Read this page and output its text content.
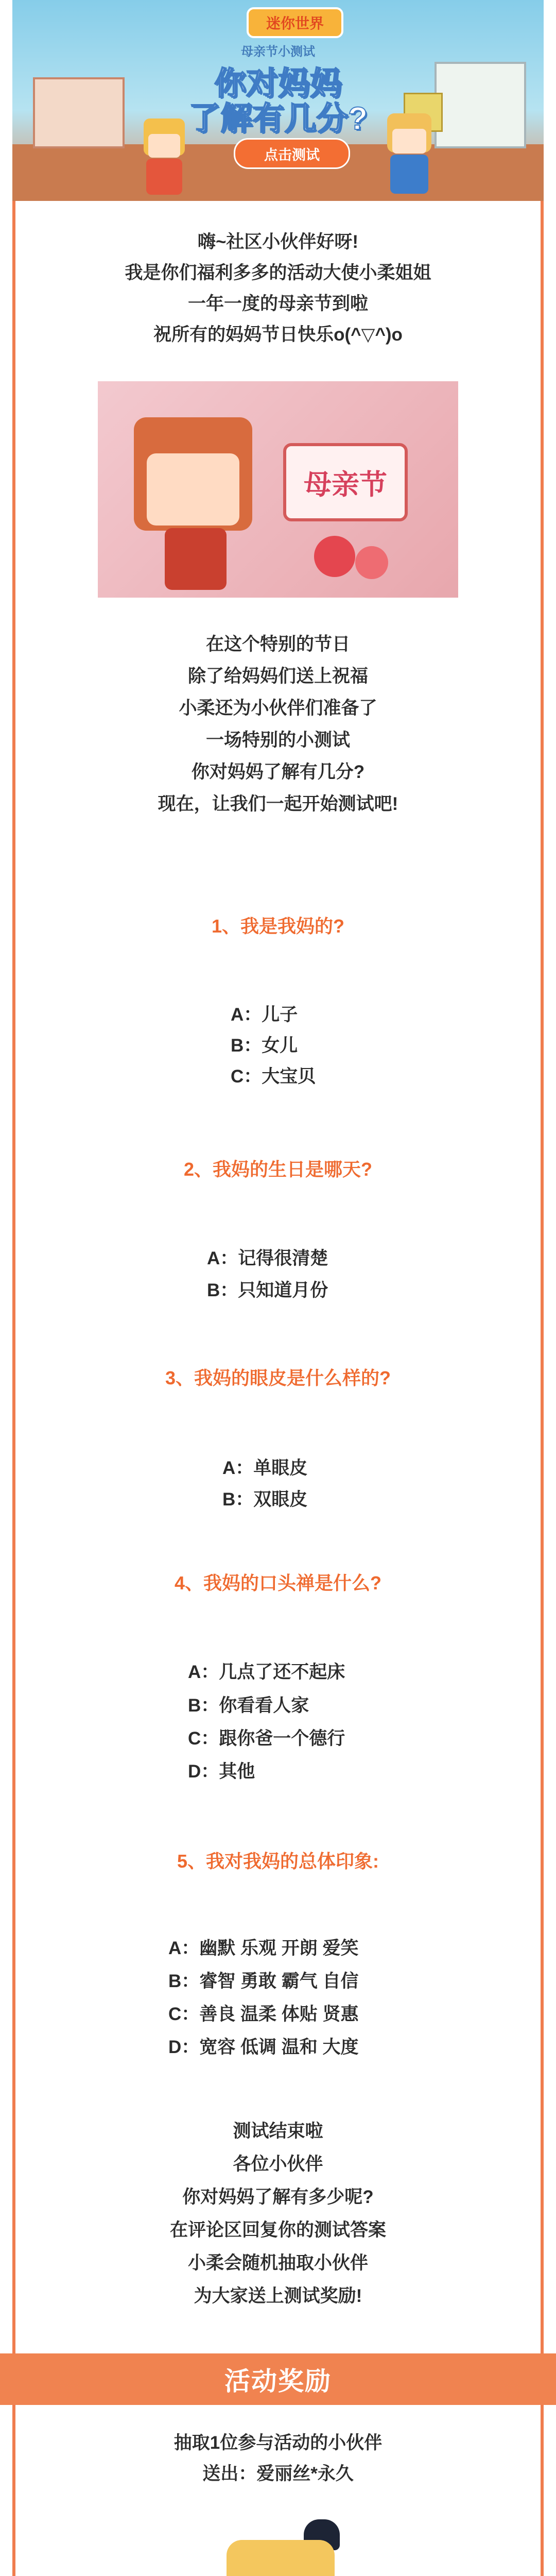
迷你世界
母亲节小测试
你对妈妈
了解有几分?
点击测试
嗨~社区小伙伴好呀!
我是你们福利多多的活动大使小柔姐姐
一年一度的母亲节到啦
祝所有的妈妈节日快乐o(^▽^)o
母亲节
在这个特别的节日
除了给妈妈们送上祝福
小柔还为小伙伴们准备了
一场特别的小测试
你对妈妈了解有几分?
现在，让我们一起开始测试吧!
1、我是我妈的?
A：儿子
B：女儿
C：大宝贝
2、我妈的生日是哪天?
A：记得很清楚
B：只知道月份
3、我妈的眼皮是什么样的?
A：单眼皮
B：双眼皮
4、我妈的口头禅是什么?
A：几点了还不起床
B：你看看人家
C：跟你爸一个德行
D：其他
5、我对我妈的总体印象:
A：幽默 乐观 开朗 爱笑
B：睿智 勇敢 霸气 自信
C：善良 温柔 体贴 贤惠
D：宽容 低调 温和 大度
测试结束啦
各位小伙伴
你对妈妈了解有多少呢?
在评论区回复你的测试答案
小柔会随机抽取小伙伴
为大家送上测试奖励!
活动奖励
抽取1位参与活动的小伙伴
送出：爱丽丝*永久
